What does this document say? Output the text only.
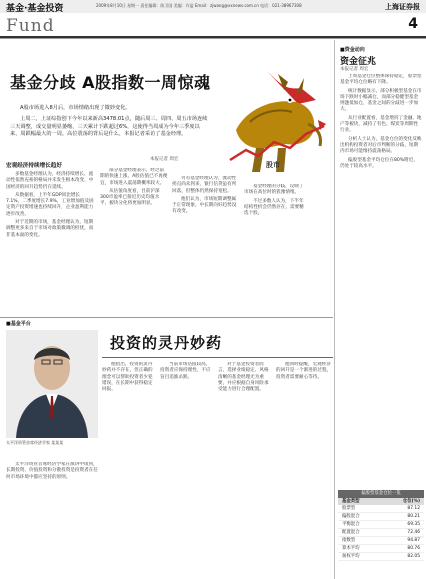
基金·基金投资	2009年8月10日 星期一 责任编辑：陈卫国 美编：许盈 Email：zjwang@xxnews.com.cn 电话：021-38967308	上海证券报
Fund	4
基金分歧 A股指数一周惊魂

A股市场进入8月后，市场情绪出现了微妙变化。

上周二，上证综指创下今年以来新高3478.01点，随后周三、周四、周五市场连续三天调整，成交量明显萎缩，三天累计下跌超过6%，这使得当周成为今年三季度以来，周跌幅最大的一周。高位震荡的背后是什么，本报记者采访了基金经理。

本报记者 周宏
股市
宏观经济持续增长趋好

多数基金经理认为，经济持续增长、流动性依然充裕的格局并未发生根本改变，中国经济的回升趋势仍在延续。

从数据看，上半年GDP同比增长7.1%，二季度增长7.9%，工业增加值及固定资产投资增速也持续回升，企业盈利能力逐步改善。

对于近期的市场，基金经理认为，短期调整更多来自于市场对政策微调的担忧，而非基本面的变化。

部分基金经理表示，经过前期的快速上涨，A股估值已不再便宜，市场进入震荡期概率较大。

从估值角度看，目前沪深300市盈率已接近历史均值水平，板块分化将更加明显。

另有基金经理认为，流动性拐点尚未到来，银行信贷虽有所回落，但整体仍然保持宽松。

他们认为，市场短期调整属于正常现象，中长期向好趋势没有改变。

基金经理的分歧，反映了市场在高位时的犹豫情绪。

不过多数人认为，下半年结构性机会仍然存在，需要精选个股。

■基金平台
太平洋资管首席经济学家 某某某
投资的灵丹妙药

太平洋资管首席经济学家在演讲中谈到，长期投资、价值投资和分散投资是投资者在任何市场环境中都应坚持的原则。

他指出，投资的灵丹妙药并不存在，但正确的理念可以帮助投资者少犯错误，在长期中获得稳定回报。

当前市场估值较高，投资者应保持理性，不应盲目追涨杀跌。

对于基金投资者而言，选择业绩稳定、风格清晰的基金经理尤为重要，并应根据自身风险承受能力进行合理配置。

他同时提醒，宏观经济的回升是一个渐进的过程，投资者需要耐心等待。

■资金动向
资金征兆
本报记者 周宏

上周基金仓位整体保持稳定，股票型基金平均仓位略有下降。

统计数据显示，部分积极型基金在市场下跌时小幅减仓，而部分稳健型基金则逢低加仓，基金之间的分歧进一步加大。

从行业配置看，基金增持了金融、地产等板块，减持了有色、煤炭等周期性行业。

分析人士认为，基金仓位的变化反映出机构投资者对后市判断的分歧，短期内市场可能维持震荡格局。

偏股型基金平均仓位在80%附近，仍处于较高水平。

偏股型基金仓位一览
基金类型	仓位(%)
股票型	87.12
偏股混合	80.21
平衡混合	69.35
配置混合	72.46
指数型	94.87
算术平均	80.76
加权平均	82.05
